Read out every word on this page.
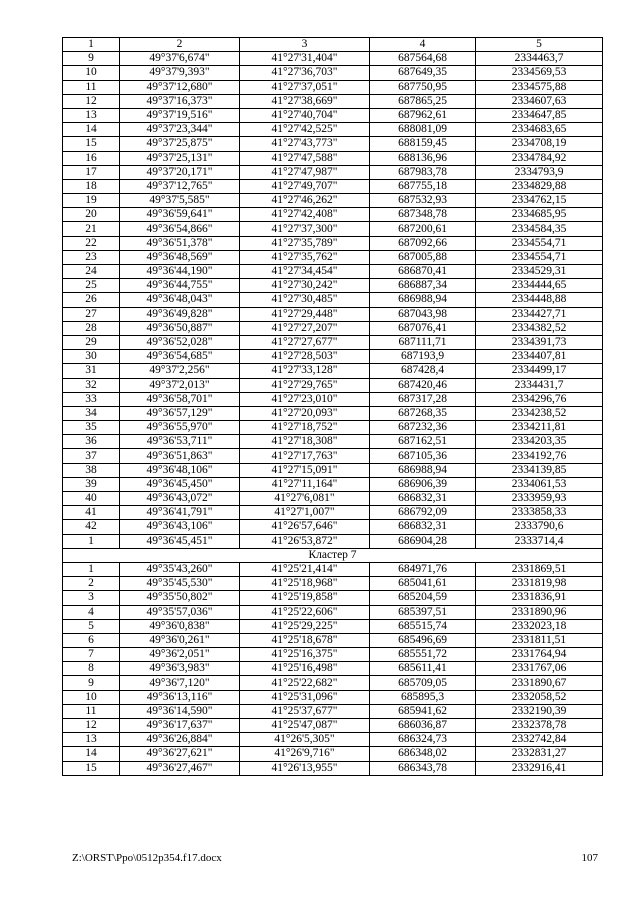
1	2	3	4	5
9	49°37'6,674"	41°27'31,404"	687564,68	2334463,7
10	49°37'9,393"	41°27'36,703"	687649,35	2334569,53
11	49°37'12,680"	41°27'37,051"	687750,95	2334575,88
12	49°37'16,373"	41°27'38,669"	687865,25	2334607,63
13	49°37'19,516"	41°27'40,704"	687962,61	2334647,85
14	49°37'23,344"	41°27'42,525"	688081,09	2334683,65
15	49°37'25,875"	41°27'43,773"	688159,45	2334708,19
16	49°37'25,131"	41°27'47,588"	688136,96	2334784,92
17	49°37'20,171"	41°27'47,987"	687983,78	2334793,9
18	49°37'12,765"	41°27'49,707"	687755,18	2334829,88
19	49°37'5,585"	41°27'46,262"	687532,93	2334762,15
20	49°36'59,641"	41°27'42,408"	687348,78	2334685,95
21	49°36'54,866"	41°27'37,300"	687200,61	2334584,35
22	49°36'51,378"	41°27'35,789"	687092,66	2334554,71
23	49°36'48,569"	41°27'35,762"	687005,88	2334554,71
24	49°36'44,190"	41°27'34,454"	686870,41	2334529,31
25	49°36'44,755"	41°27'30,242"	686887,34	2334444,65
26	49°36'48,043"	41°27'30,485"	686988,94	2334448,88
27	49°36'49,828"	41°27'29,448"	687043,98	2334427,71
28	49°36'50,887"	41°27'27,207"	687076,41	2334382,52
29	49°36'52,028"	41°27'27,677"	687111,71	2334391,73
30	49°36'54,685"	41°27'28,503"	687193,9	2334407,81
31	49°37'2,256"	41°27'33,128"	687428,4	2334499,17
32	49°37'2,013"	41°27'29,765"	687420,46	2334431,7
33	49°36'58,701"	41°27'23,010"	687317,28	2334296,76
34	49°36'57,129"	41°27'20,093"	687268,35	2334238,52
35	49°36'55,970"	41°27'18,752"	687232,36	2334211,81
36	49°36'53,711"	41°27'18,308"	687162,51	2334203,35
37	49°36'51,863"	41°27'17,763"	687105,36	2334192,76
38	49°36'48,106"	41°27'15,091"	686988,94	2334139,85
39	49°36'45,450"	41°27'11,164"	686906,39	2334061,53
40	49°36'43,072"	41°27'6,081"	686832,31	2333959,93
41	49°36'41,791"	41°27'1,007"	686792,09	2333858,33
42	49°36'43,106"	41°26'57,646"	686832,31	2333790,6
1	49°36'45,451"	41°26'53,872"	686904,28	2333714,4
Кластер 7				
1	49°35'43,260"	41°25'21,414"	684971,76	2331869,51
2	49°35'45,530"	41°25'18,968"	685041,61	2331819,98
3	49°35'50,802"	41°25'19,858"	685204,59	2331836,91
4	49°35'57,036"	41°25'22,606"	685397,51	2331890,96
5	49°36'0,838"	41°25'29,225"	685515,74	2332023,18
6	49°36'0,261"	41°25'18,678"	685496,69	2331811,51
7	49°36'2,051"	41°25'16,375"	685551,72	2331764,94
8	49°36'3,983"	41°25'16,498"	685611,41	2331767,06
9	49°36'7,120"	41°25'22,682"	685709,05	2331890,67
10	49°36'13,116"	41°25'31,096"	685895,3	2332058,52
11	49°36'14,590"	41°25'37,677"	685941,62	2332190,39
12	49°36'17,637"	41°25'47,087"	686036,87	2332378,78
13	49°36'26,884"	41°26'5,305"	686324,73	2332742,84
14	49°36'27,621"	41°26'9,716"	686348,02	2332831,27
15	49°36'27,467"	41°26'13,955"	686343,78	2332916,41
Z:\ORST\Ppo\0512p354.f17.docx	107
